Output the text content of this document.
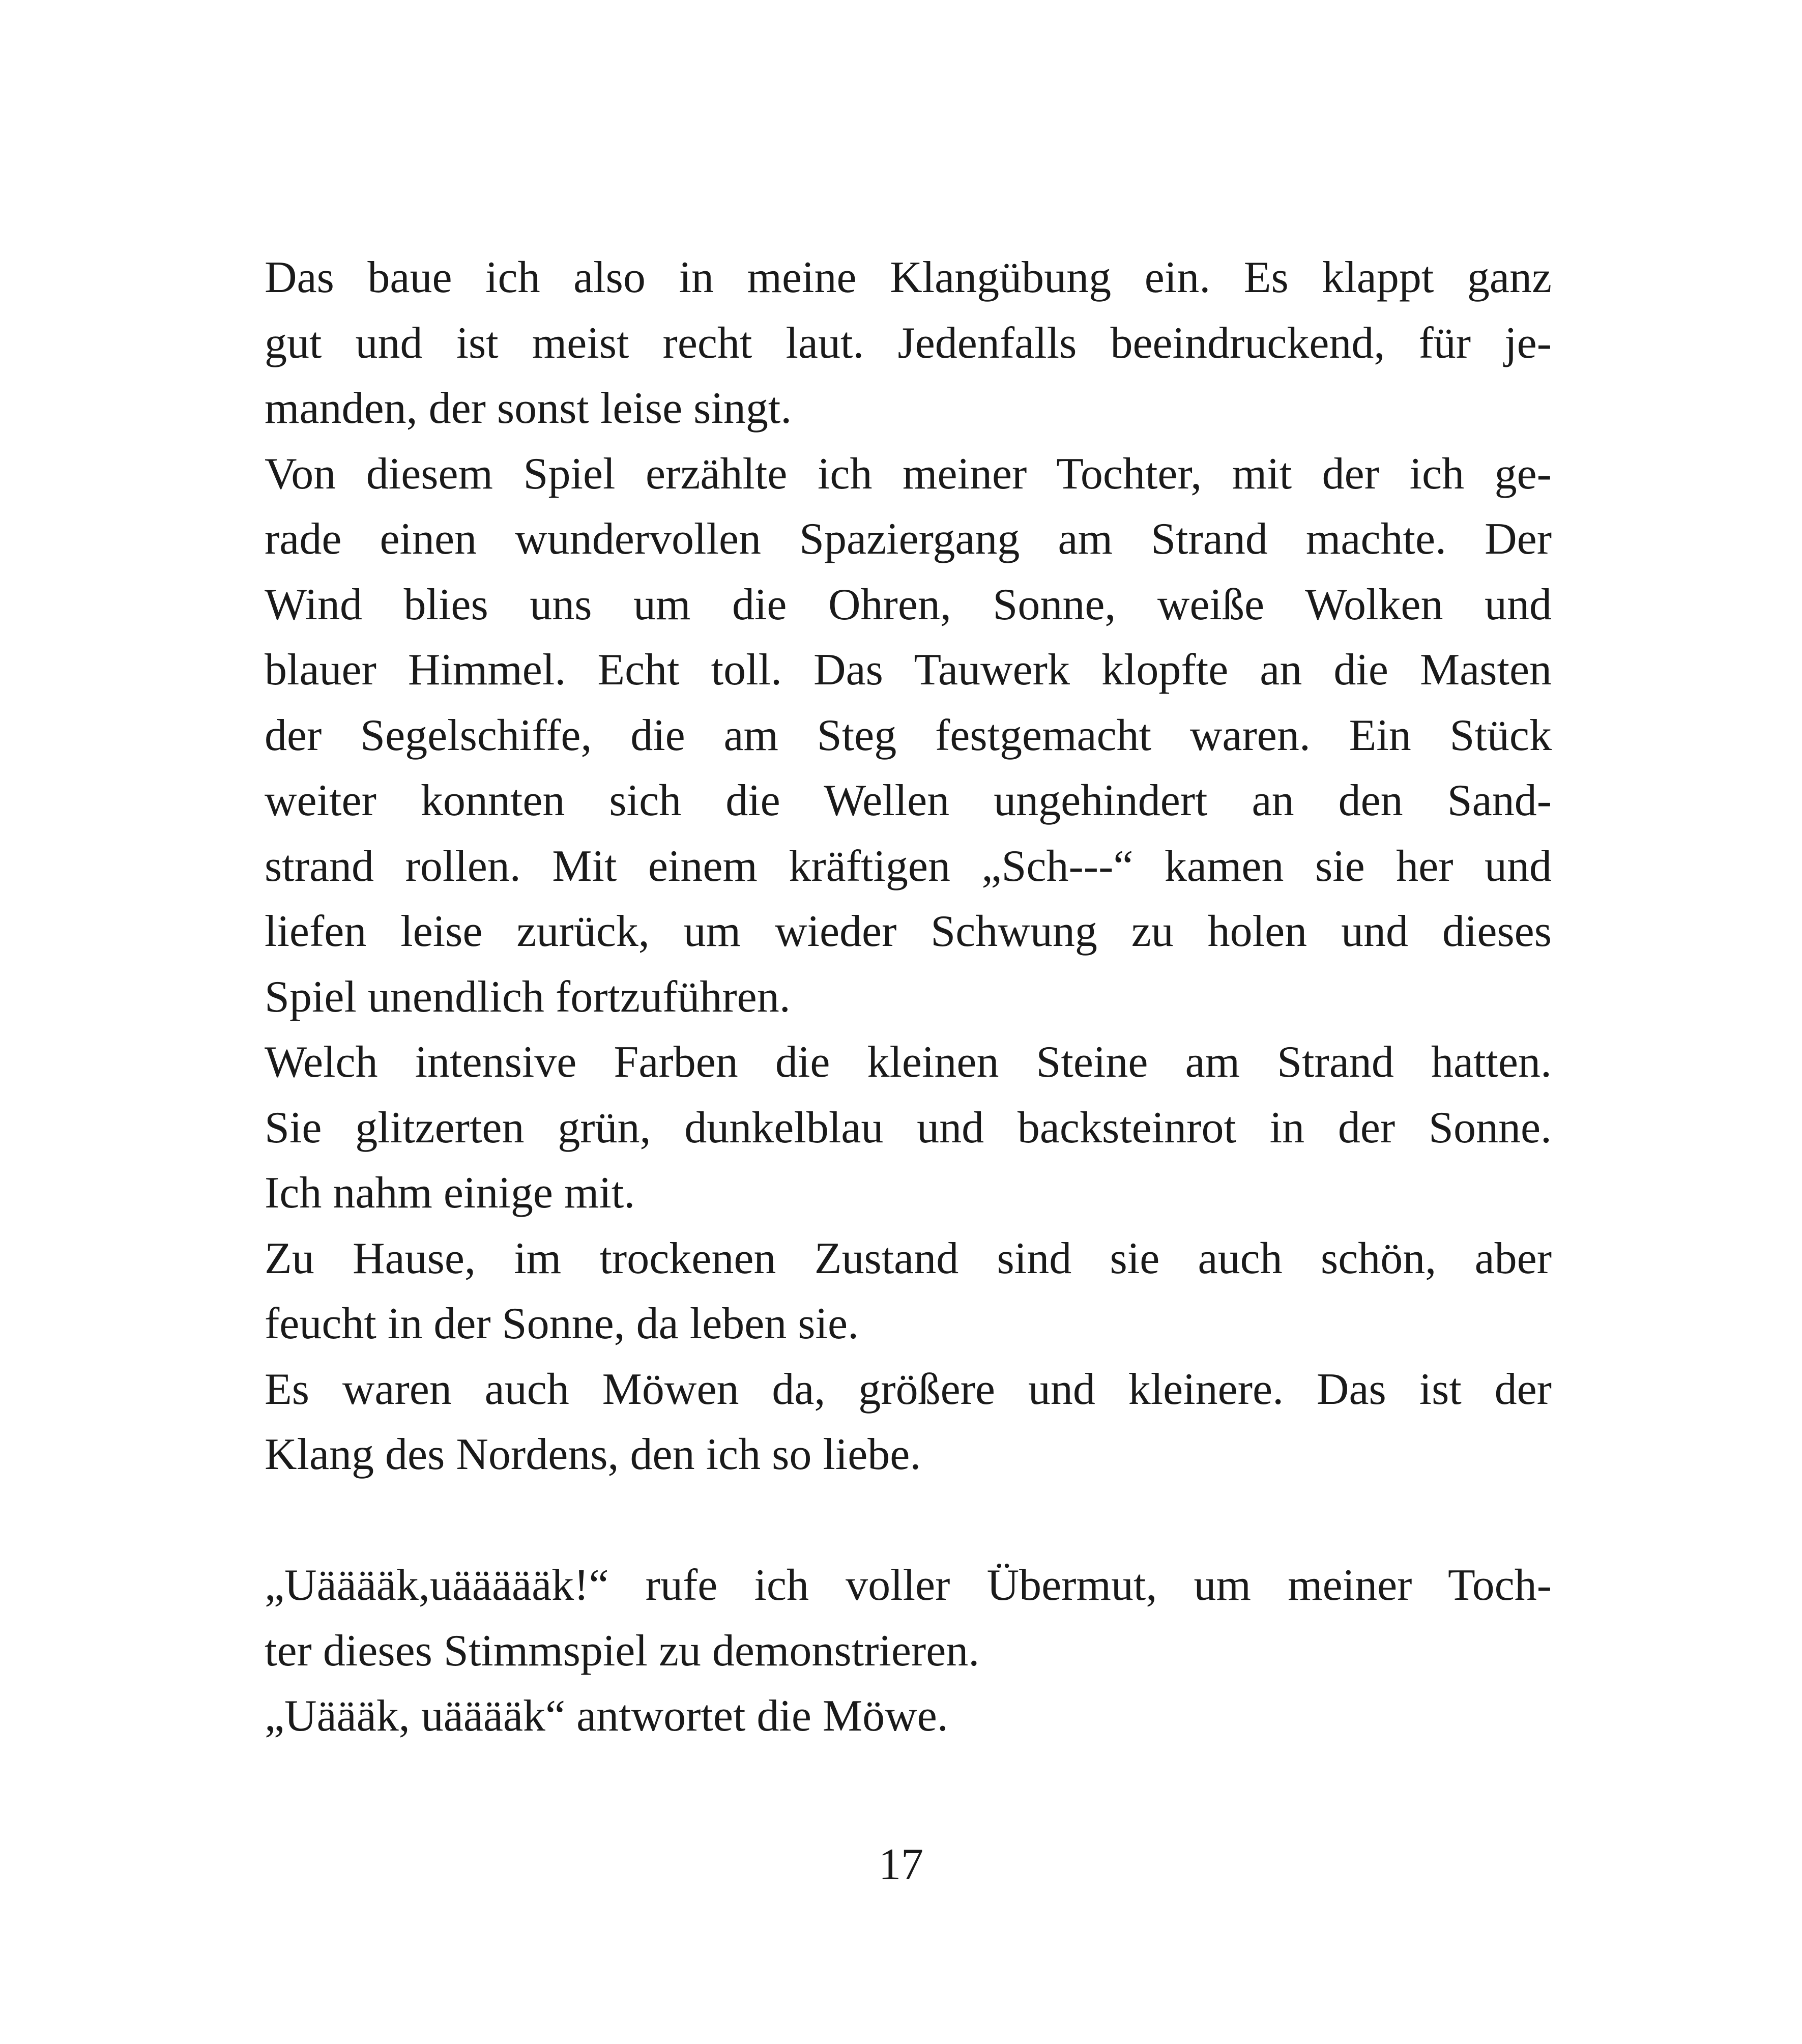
Das baue ich also in meine Klangübung ein. Es klappt ganz
gut und ist meist recht laut. Jedenfalls beeindruckend, für je-
manden, der sonst leise singt.
Von diesem Spiel erzählte ich meiner Tochter, mit der ich ge-
rade einen wundervollen Spaziergang am Strand machte. Der
Wind blies uns um die Ohren, Sonne, weiße Wolken und
blauer Himmel. Echt toll. Das Tauwerk klopfte an die Masten
der Segelschiffe, die am Steg festgemacht waren. Ein Stück
weiter konnten sich die Wellen ungehindert an den Sand-
strand rollen. Mit einem kräftigen „Sch---“ kamen sie her und
liefen leise zurück, um wieder Schwung zu holen und dieses
Spiel unendlich fortzuführen.
Welch intensive Farben die kleinen Steine am Strand hatten.
Sie glitzerten grün, dunkelblau und backsteinrot in der Sonne.
Ich nahm einige mit.
Zu Hause, im trockenen Zustand sind sie auch schön, aber
feucht in der Sonne, da leben sie.
Es waren auch Möwen da, größere und kleinere. Das ist der
Klang des Nordens, den ich so liebe.
„Uääääk,uäääääk!“ rufe ich voller Übermut, um meiner Toch-
ter dieses Stimmspiel zu demonstrieren.
„Uäääk, uääääk“ antwortet die Möwe.
17
